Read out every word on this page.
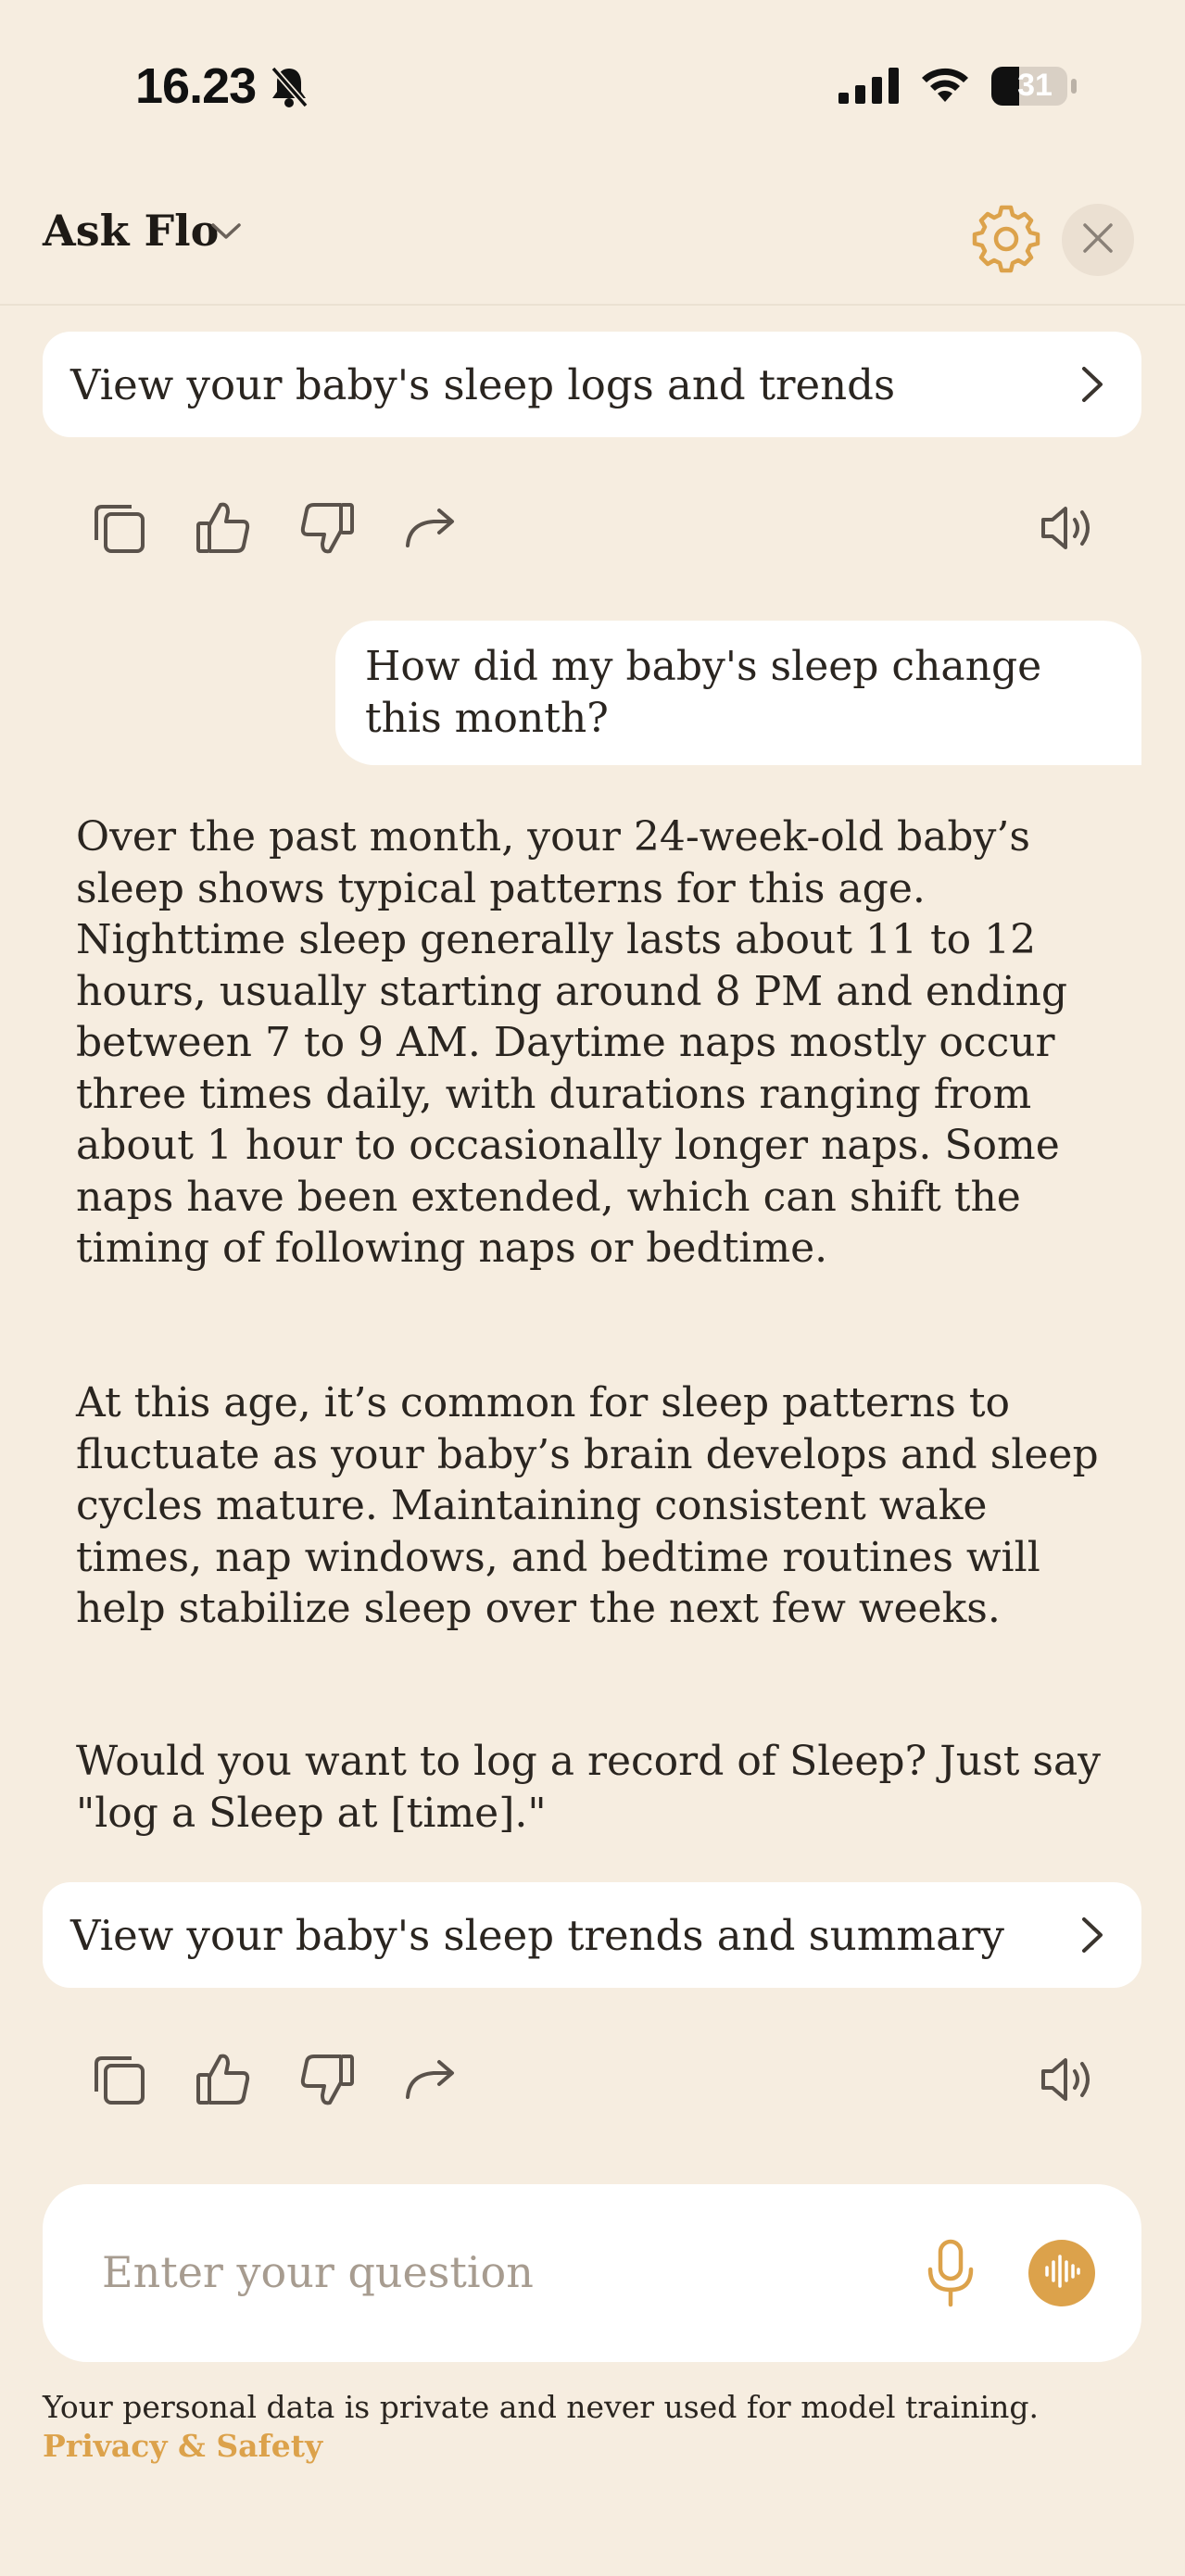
16.23	31
Ask Flo
View your baby's sleep logs and trends
How did my baby's sleep change this month?
Over the past month, your 24-week-old baby’s sleep shows typical patterns for this age. Nighttime sleep generally lasts about 11 to 12 hours, usually starting around 8 PM and ending between 7 to 9 AM. Daytime naps mostly occur three times daily, with durations ranging from about 1 hour to occasionally longer naps. Some naps have been extended, which can shift the timing of following naps or bedtime.
At this age, it’s common for sleep patterns to fluctuate as your baby’s brain develops and sleep cycles mature. Maintaining consistent wake times, nap windows, and bedtime routines will help stabilize sleep over the next few weeks.
Would you want to log a record of Sleep? Just say "log a Sleep at [time]."
View your baby's sleep trends and summary
Enter your question
Your personal data is private and never used for model training. Privacy & Safety
